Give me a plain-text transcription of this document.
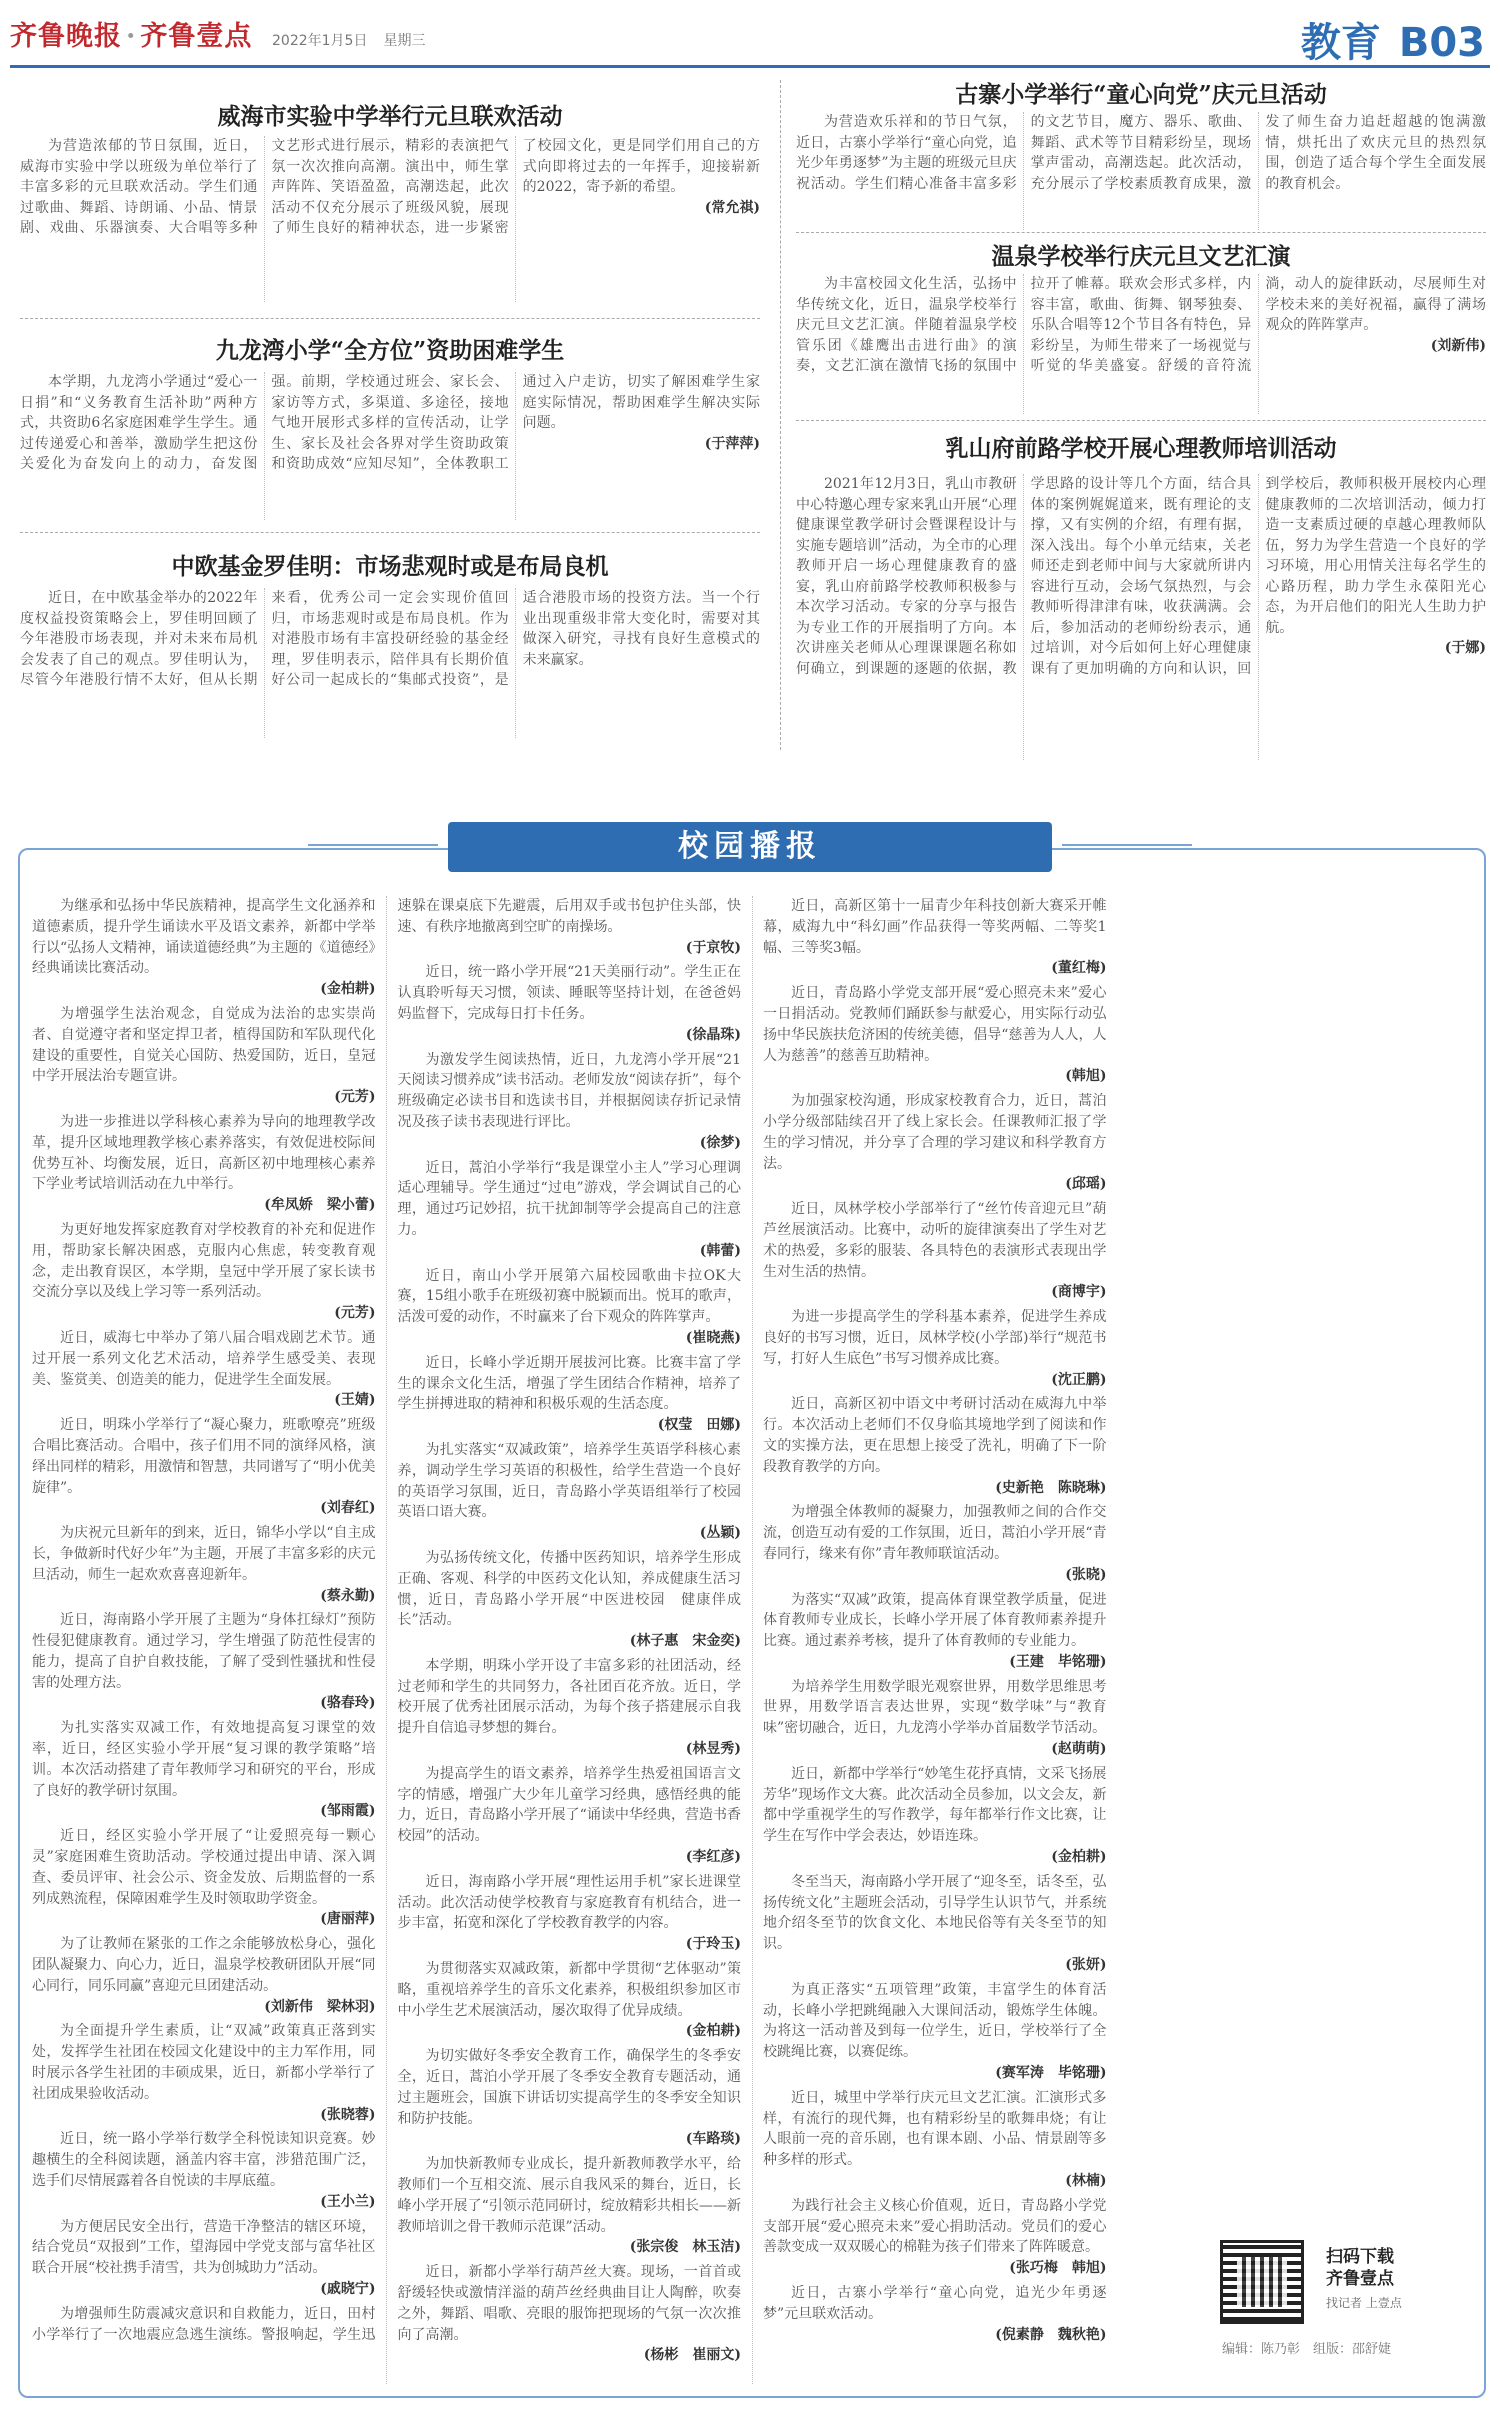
齐鲁晚报 · 齐鲁壹点 2022年1月5日 星期三	教育 B03
威海市实验中学举行元旦联欢活动

为营造浓郁的节日氛围，近日，威海市实验中学以班级为单位举行了丰富多彩的元旦联欢活动。学生们通过歌曲、舞蹈、诗朗诵、小品、情景剧、戏曲、乐器演奏、大合唱等多种文艺形式进行展示，精彩的表演把气氛一次次推向高潮。演出中，师生掌声阵阵、笑语盈盈，高潮迭起，此次活动不仅充分展示了班级风貌，展现了师生良好的精神状态，进一步紧密了校园文化，更是同学们用自己的方式向即将过去的一年挥手，迎接崭新的2022，寄予新的希望。

(常允祺)
九龙湾小学“全方位”资助困难学生

本学期，九龙湾小学通过“爱心一日捐”和“义务教育生活补助”两种方式，共资助6名家庭困难学生学生。通过传递爱心和善举，激励学生把这份关爱化为奋发向上的动力，奋发图强。前期，学校通过班会、家长会、家访等方式，多渠道、多途径，接地气地开展形式多样的宣传活动，让学生、家长及社会各界对学生资助政策和资助成效“应知尽知”，全体教职工通过入户走访，切实了解困难学生家庭实际情况，帮助困难学生解决实际问题。

(于萍萍)
中欧基金罗佳明：市场悲观时或是布局良机

近日，在中欧基金举办的2022年度权益投资策略会上，罗佳明回顾了今年港股市场表现，并对未来布局机会发表了自己的观点。罗佳明认为，尽管今年港股行情不太好，但从长期来看，优秀公司一定会实现价值回归，市场悲观时或是布局良机。作为对港股市场有丰富投研经验的基金经理，罗佳明表示，陪伴具有长期价值好公司一起成长的“集邮式投资”，是适合港股市场的投资方法。当一个行业出现重级非常大变化时，需要对其做深入研究，寻找有良好生意模式的未来赢家。

古寨小学举行“童心向党”庆元旦活动

为营造欢乐祥和的节日气氛，近日，古寨小学举行“童心向党，追光少年勇逐梦”为主题的班级元旦庆祝活动。学生们精心准备丰富多彩的文艺节目，魔方、器乐、歌曲、舞蹈、武术等节目精彩纷呈，现场掌声雷动，高潮迭起。此次活动，充分展示了学校素质教育成果，激发了师生奋力追赶超越的饱满激情，烘托出了欢庆元旦的热烈氛围，创造了适合每个学生全面发展的教育机会。

温泉学校举行庆元旦文艺汇演

为丰富校园文化生活，弘扬中华传统文化，近日，温泉学校举行庆元旦文艺汇演。伴随着温泉学校管乐团《雄鹰出击进行曲》的演奏，文艺汇演在激情飞扬的氛围中拉开了帷幕。联欢会形式多样，内容丰富，歌曲、街舞、钢琴独奏、乐队合唱等12个节目各有特色，异彩纷呈，为师生带来了一场视觉与听觉的华美盛宴。舒缓的音符流淌，动人的旋律跃动，尽展师生对学校未来的美好祝福，赢得了满场观众的阵阵掌声。

(刘新伟)
乳山府前路学校开展心理教师培训活动

2021年12月3日，乳山市教研中心特邀心理专家来乳山开展“心理健康课堂教学研讨会暨课程设计与实施专题培训”活动，为全市的心理教师开启一场心理健康教育的盛宴，乳山府前路学校教师积极参与本次学习活动。专家的分享与报告为专业工作的开展指明了方向。本次讲座关老师从心理课课题名称如何确立，到课题的逐题的依据，教学思路的设计等几个方面，结合具体的案例娓娓道来，既有理论的支撑，又有实例的介绍，有理有据，深入浅出。每个小单元结束，关老师还走到老师中间与大家就所讲内容进行互动，会场气氛热烈，与会教师听得津津有味，收获满满。会后，参加活动的老师纷纷表示，通过培训，对今后如何上好心理健康课有了更加明确的方向和认识，回到学校后，教师积极开展校内心理健康教师的二次培训活动，倾力打造一支素质过硬的卓越心理教师队伍，努力为学生营造一个良好的学习环境，用心用情关注每名学生的心路历程，助力学生永葆阳光心态，为开启他们的阳光人生助力护航。

(于娜)
校园播报

为继承和弘扬中华民族精神，提高学生文化涵养和道德素质，提升学生诵读水平及语文素养，新都中学举行以“弘扬人文精神，诵读道德经典”为主题的《道德经》经典诵读比赛活动。

(金柏耕)

为增强学生法治观念，自觉成为法治的忠实崇尚者、自觉遵守者和坚定捍卫者，植得国防和军队现代化建设的重要性，自觉关心国防、热爱国防，近日，皇冠中学开展法治专题宣讲。

(元芳)

为进一步推进以学科核心素养为导向的地理教学改革，提升区域地理教学核心素养落实，有效促进校际间优势互补、均衡发展，近日，高新区初中地理核心素养下学业考试培训活动在九中举行。

(牟凤娇　梁小蕾)

为更好地发挥家庭教育对学校教育的补充和促进作用，帮助家长解决困惑，克服内心焦虑，转变教育观念，走出教育误区，本学期，皇冠中学开展了家长读书交流分享以及线上学习等一系列活动。

(元芳)

近日，威海七中举办了第八届合唱戏剧艺术节。通过开展一系列文化艺术活动，培养学生感受美、表现美、鉴赏美、创造美的能力，促进学生全面发展。

(王婧)

近日，明珠小学举行了“凝心聚力，班歌嘹亮”班级合唱比赛活动。合唱中，孩子们用不同的演绎风格，演绎出同样的精彩，用激情和智慧，共同谱写了“明小优美旋律”。

(刘春红)

为庆祝元旦新年的到来，近日，锦华小学以“自主成长，争做新时代好少年”为主题，开展了丰富多彩的庆元旦活动，师生一起欢欢喜喜迎新年。

(蔡永勤)

近日，海南路小学开展了主题为“身体扛绿灯”预防性侵犯健康教育。通过学习，学生增强了防范性侵害的能力，提高了自护自救技能，了解了受到性骚扰和性侵害的处理方法。

(骆春玲)

为扎实落实双减工作，有效地提高复习课堂的效率，近日，经区实验小学开展“复习课的教学策略”培训。本次活动搭建了青年教师学习和研究的平台，形成了良好的教学研讨氛围。

(邹雨霞)

近日，经区实验小学开展了“让爱照亮每一颗心灵”家庭困难生资助活动。学校通过提出申请、深入调查、委员评审、社会公示、资金发放、后期监督的一系列成熟流程，保障困难学生及时领取助学资金。

(唐丽萍)

为了让教师在紧张的工作之余能够放松身心，强化团队凝聚力、向心力，近日，温泉学校教研团队开展“同心同行，同乐同赢”喜迎元旦团建活动。

(刘新伟　梁林羽)

为全面提升学生素质，让“双减”政策真正落到实处，发挥学生社团在校园文化建设中的主力军作用，同时展示各学生社团的丰硕成果，近日，新都小学举行了社团成果验收活动。

(张晓蓉)

近日，统一路小学举行数学全科悦读知识竞赛。妙趣横生的全科阅读题，涵盖内容丰富，涉猎范围广泛，选手们尽情展露着各自悦读的丰厚底蕴。

(王小兰)

为方便居民安全出行，营造干净整洁的辖区环境，结合党员“双报到”工作，望海园中学党支部与富华社区联合开展“校社携手清雪，共为创城助力”活动。

(戚晓宁)

为增强师生防震减灾意识和自救能力，近日，田村小学举行了一次地震应急逃生演练。警报响起，学生迅速躲在课桌底下先避震，后用双手或书包护住头部，快速、有秩序地撤离到空旷的南操场。

(于京牧)

近日，统一路小学开展“21天美丽行动”。学生正在认真聆听每天习惯，领读、睡眠等坚持计划，在爸爸妈妈监督下，完成每日打卡任务。

(徐晶珠)

为激发学生阅读热情，近日，九龙湾小学开展“21天阅读习惯养成”读书活动。老师发放“阅读存折”，每个班级确定必读书目和选读书目，并根据阅读存折记录情况及孩子读书表现进行评比。

(徐梦)

近日，蒿泊小学举行“我是课堂小主人”学习心理调适心理辅导。学生通过“过电”游戏，学会调试自己的心理，通过巧记妙招，抗干扰卸制等学会提高自己的注意力。

(韩蕾)

近日，南山小学开展第六届校园歌曲卡拉OK大赛，15组小歌手在班级初赛中脱颖而出。悦耳的歌声，活泼可爱的动作，不时赢来了台下观众的阵阵掌声。

(崔晓燕)

近日，长峰小学近期开展拔河比赛。比赛丰富了学生的课余文化生活，增强了学生团结合作精神，培养了学生拼搏进取的精神和积极乐观的生活态度。

(权莹　田娜)

为扎实落实“双减政策”，培养学生英语学科核心素养，调动学生学习英语的积极性，给学生营造一个良好的英语学习氛围，近日，青岛路小学英语组举行了校园英语口语大赛。

(丛颖)

为弘扬传统文化，传播中医药知识，培养学生形成正确、客观、科学的中医药文化认知，养成健康生活习惯，近日，青岛路小学开展“中医进校园　健康伴成长”活动。

(林子惠　宋金奕)

本学期，明珠小学开设了丰富多彩的社团活动，经过老师和学生的共同努力，各社团百花齐放。近日，学校开展了优秀社团展示活动，为每个孩子搭建展示自我提升自信追寻梦想的舞台。

(林昱秀)

为提高学生的语文素养，培养学生热爱祖国语言文字的情感，增强广大少年儿童学习经典，感悟经典的能力，近日，青岛路小学开展了“诵读中华经典，营造书香校园”的活动。

(李红彦)

近日，海南路小学开展“理性运用手机”家长进课堂活动。此次活动使学校教育与家庭教育有机结合，进一步丰富，拓宽和深化了学校教育教学的内容。

(于玲玉)

为贯彻落实双减政策，新都中学贯彻“艺体驱动”策略，重视培养学生的音乐文化素养，积极组织参加区市中小学生艺术展演活动，屡次取得了优异成绩。

(金柏耕)

为切实做好冬季安全教育工作，确保学生的冬季安全，近日，蒿泊小学开展了冬季安全教育专题活动，通过主题班会，国旗下讲话切实提高学生的冬季安全知识和防护技能。

(车路琰)

为加快新教师专业成长，提升新教师教学水平，给教师们一个互相交流、展示自我风采的舞台，近日，长峰小学开展了“引领示范同研讨，绽放精彩共相长——新教师培训之骨干教师示范课”活动。

(张宗俊　林玉洁)

近日，新都小学举行葫芦丝大赛。现场，一首首或舒缓轻快或激情洋溢的葫芦丝经典曲目让人陶醉，吹奏之外，舞蹈、唱歌、亮眼的服饰把现场的气氛一次次推向了高潮。

(杨彬　崔丽文)

近日，高新区第十一届青少年科技创新大赛采开帷幕，威海九中“科幻画”作品获得一等奖两幅、二等奖1幅、三等奖3幅。

(董红梅)

近日，青岛路小学党支部开展“爱心照亮未来”爱心一日捐活动。党教师们踊跃参与献爱心，用实际行动弘扬中华民族扶危济困的传统美德，倡导“慈善为人人，人人为慈善”的慈善互助精神。

(韩旭)

为加强家校沟通，形成家校教育合力，近日，蒿泊小学分级部陆续召开了线上家长会。任课教师汇报了学生的学习情况，并分享了合理的学习建议和科学教育方法。

(邱瑶)

近日，凤林学校小学部举行了“丝竹传音迎元旦”葫芦丝展演活动。比赛中，动听的旋律演奏出了学生对艺术的热爱，多彩的服装、各具特色的表演形式表现出学生对生活的热情。

(商博宇)

为进一步提高学生的学科基本素养，促进学生养成良好的书写习惯，近日，凤林学校(小学部)举行“规范书写，打好人生底色”书写习惯养成比赛。

(沈正鹏)

近日，高新区初中语文中考研讨活动在威海九中举行。本次活动上老师们不仅身临其境地学到了阅读和作文的实操方法，更在思想上接受了洗礼，明确了下一阶段教育教学的方向。

(史新艳　陈晓琳)

为增强全体教师的凝聚力，加强教师之间的合作交流，创造互动有爱的工作氛围，近日，蒿泊小学开展“青春同行，缘来有你”青年教师联谊活动。

(张晓)

为落实“双减”政策，提高体育课堂教学质量，促进体育教师专业成长，长峰小学开展了体育教师素养提升比赛。通过素养考核，提升了体育教师的专业能力。

(王建　毕铭珊)

为培养学生用数学眼光观察世界，用数学思维思考世界，用数学语言表达世界，实现“数学味”与“教育味”密切融合，近日，九龙湾小学举办首届数学节活动。

(赵萌萌)

近日，新都中学举行“妙笔生花抒真情，文采飞扬展芳华”现场作文大赛。此次活动全员参加，以文会友，新都中学重视学生的写作教学，每年都举行作文比赛，让学生在写作中学会表达，妙语连珠。

(金柏耕)

冬至当天，海南路小学开展了“迎冬至，话冬至，弘扬传统文化”主题班会活动，引导学生认识节气，并系统地介绍冬至节的饮食文化、本地民俗等有关冬至节的知识。

(张妍)

为真正落实“五项管理”政策，丰富学生的体育活动，长峰小学把跳绳融入大课间活动，锻炼学生体魄。为将这一活动普及到每一位学生，近日，学校举行了全校跳绳比赛，以赛促练。

(赛军涛　毕铭珊)

近日，城里中学举行庆元旦文艺汇演。汇演形式多样，有流行的现代舞，也有精彩纷呈的歌舞串烧；有让人眼前一亮的音乐剧，也有课本剧、小品、情景剧等多种多样的形式。

(林楠)

为践行社会主义核心价值观，近日，青岛路小学党支部开展“爱心照亮未来”爱心捐助活动。党员们的爱心善款变成一双双暖心的棉鞋为孩子们带来了阵阵暖意。

(张巧梅　韩旭)

近日，古寨小学举行“童心向党，追光少年勇逐梦”元旦联欢活动。

(倪素静　魏秋艳)
扫码下载
齐鲁壹点
找记者 上壹点
编辑：陈乃彰　组版：邵舒婕
